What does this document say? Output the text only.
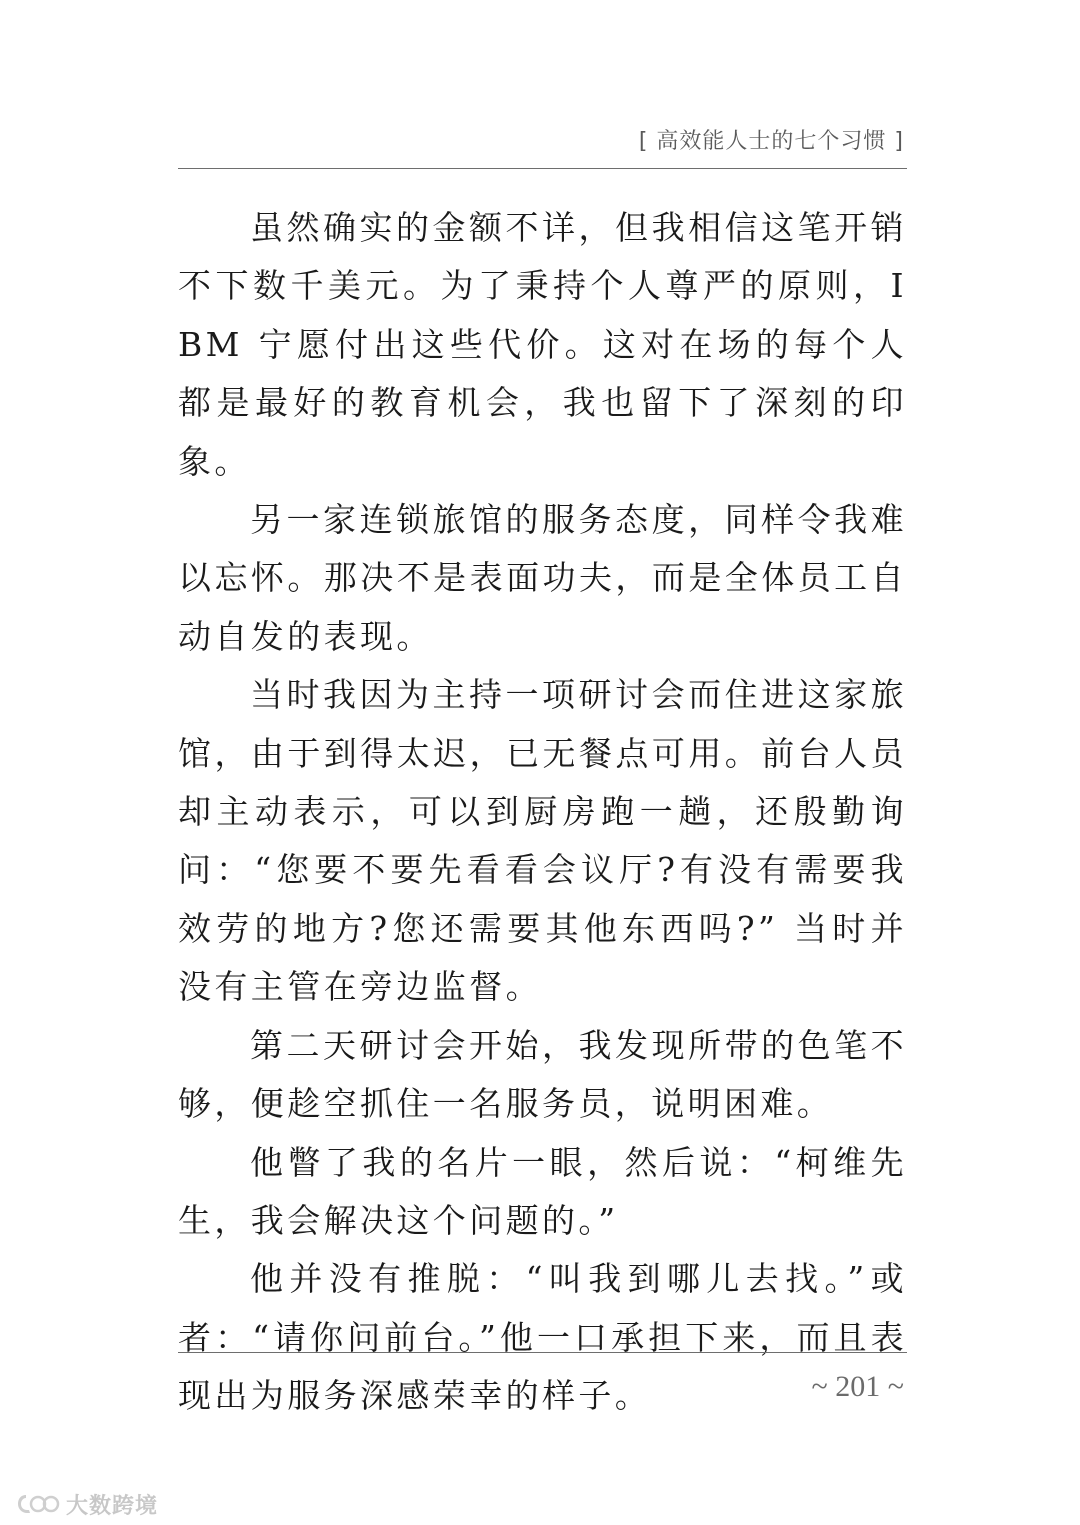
[ 高效能人士的七个习惯 ]

虽然确实的金额不详，但我相信这笔开销不下数千美元。为了秉持个人尊严的原则，IBM 宁愿付出这些代价。这对在场的每个人都是最好的教育机会，我也留下了深刻的印象。

另一家连锁旅馆的服务态度，同样令我难以忘怀。那决不是表面功夫，而是全体员工自动自发的表现。

当时我因为主持一项研讨会而住进这家旅馆，由于到得太迟，已无餐点可用。前台人员却主动表示，可以到厨房跑一趟，还殷勤询问：“您要不要先看看会议厅?有没有需要我效劳的地方?您还需要其他东西吗?” 当时并没有主管在旁边监督。

第二天研讨会开始，我发现所带的色笔不够，便趁空抓住一名服务员，说明困难。

他瞥了我的名片一眼，然后说：“柯维先生，我会解决这个问题的。”

他并没有推脱：“叫我到哪儿去找。”或者：“请你问前台。”他一口承担下来，而且表现出为服务深感荣幸的样子。	~ 201 ~
大数跨境
